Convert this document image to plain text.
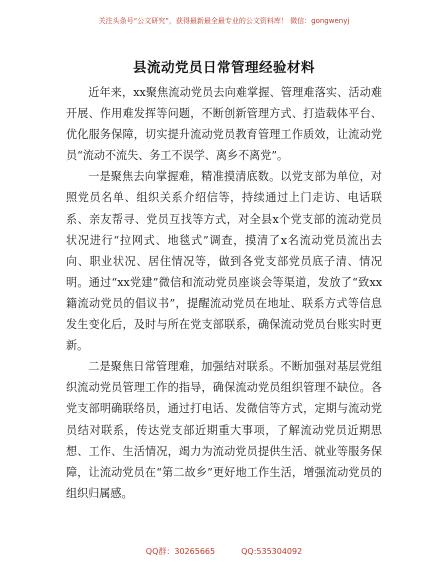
关注头条号“公文研究”，获得最新最全最专业的公文资料库！ 微信：gongwenyj
县流动党员日常管理经验材料

近年来，xx聚焦流动党员去向难掌握、管理难落实、活动难开展、作用难发挥等问题，不断创新管理方式、打造载体平台、优化服务保障，切实提升流动党员教育管理工作质效，让流动党员“流动不流失、务工不误学、离乡不离党”。

一是聚焦去向掌握难，精准摸清底数。以党支部为单位，对照党员名单、组织关系介绍信等，持续通过上门走访、电话联系、亲友帮寻、党员互找等方式，对全县x个党支部的流动党员状况进行“拉网式、地毯式”调查，摸清了x名流动党员流出去向、职业状况、居住情况等，做到各党支部党员底子清、情况明。通过“xx党建”微信和流动党员座谈会等渠道，发放了“致xx籍流动党员的倡议书”，提醒流动党员在地址、联系方式等信息发生变化后，及时与所在党支部联系，确保流动党员台账实时更新。

二是聚焦日常管理难，加强结对联系。不断加强对基层党组织流动党员管理工作的指导，确保流动党员组织管理不缺位。各党支部明确联络员，通过打电话、发微信等方式，定期与流动党员结对联系，传达党支部近期重大事项，了解流动党员近期思想、工作、生活情况，竭力为流动党员提供生活、就业等服务保障，让流动党员在“第二故乡”更好地工作生活，增强流动党员的组织归属感。

QQ群：30265665	QQ:535304092
